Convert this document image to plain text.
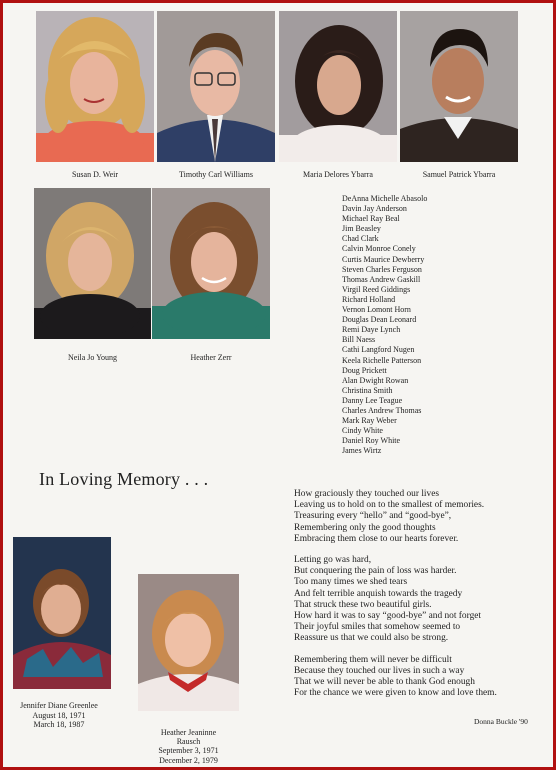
Susan D. Weir	Timothy Carl Williams	Maria Delores Ybarra	Samuel Patrick Ybarra
Neila Jo Young	Heather Zerr
DeAnna Michelle Abasolo
Davin Jay Anderson
Michael Ray Beal
Jim Beasley
Chad Clark
Calvin Monroe Conely
Curtis Maurice Dewberry
Steven Charles Ferguson
Thomas Andrew Gaskill
Virgil Reed Giddings
Richard Holland
Vernon Lomont Horn
Douglas Dean Leonard
Remi Daye Lynch
Bill Naess
Cathi Langford Nugen
Keela Richelle Patterson
Doug Prickett
Alan Dwight Rowan
Christina Smith
Danny Lee Teague
Charles Andrew Thomas
Mark Ray Weber
Cindy White
Daniel Roy White
James Wirtz
In Loving Memory . . .
Jennifer Diane Greenlee
August 18, 1971
March 18, 1987
Heather Jeaninne
Rausch
September 3, 1971
December 2, 1979
How graciously they touched our lives
Leaving us to hold on to the smallest of memories.
Treasuring every “hello” and “good-bye”,
Remembering only the good thoughts
Embracing them close to our hearts forever.
Letting go was hard,
But conquering the pain of loss was harder.
Too many times we shed tears
And felt terrible anquish towards the tragedy
That struck these two beautiful girls.
How hard it was to say “good-bye” and not forget
Their joyful smiles that somehow seemed to
Reassure us that we could also be strong.
Remembering them will never be difficult
Because they touched our lives in such a way
That we will never be able to thank God enough
For the chance we were given to know and love them.
Donna Buckle '90
